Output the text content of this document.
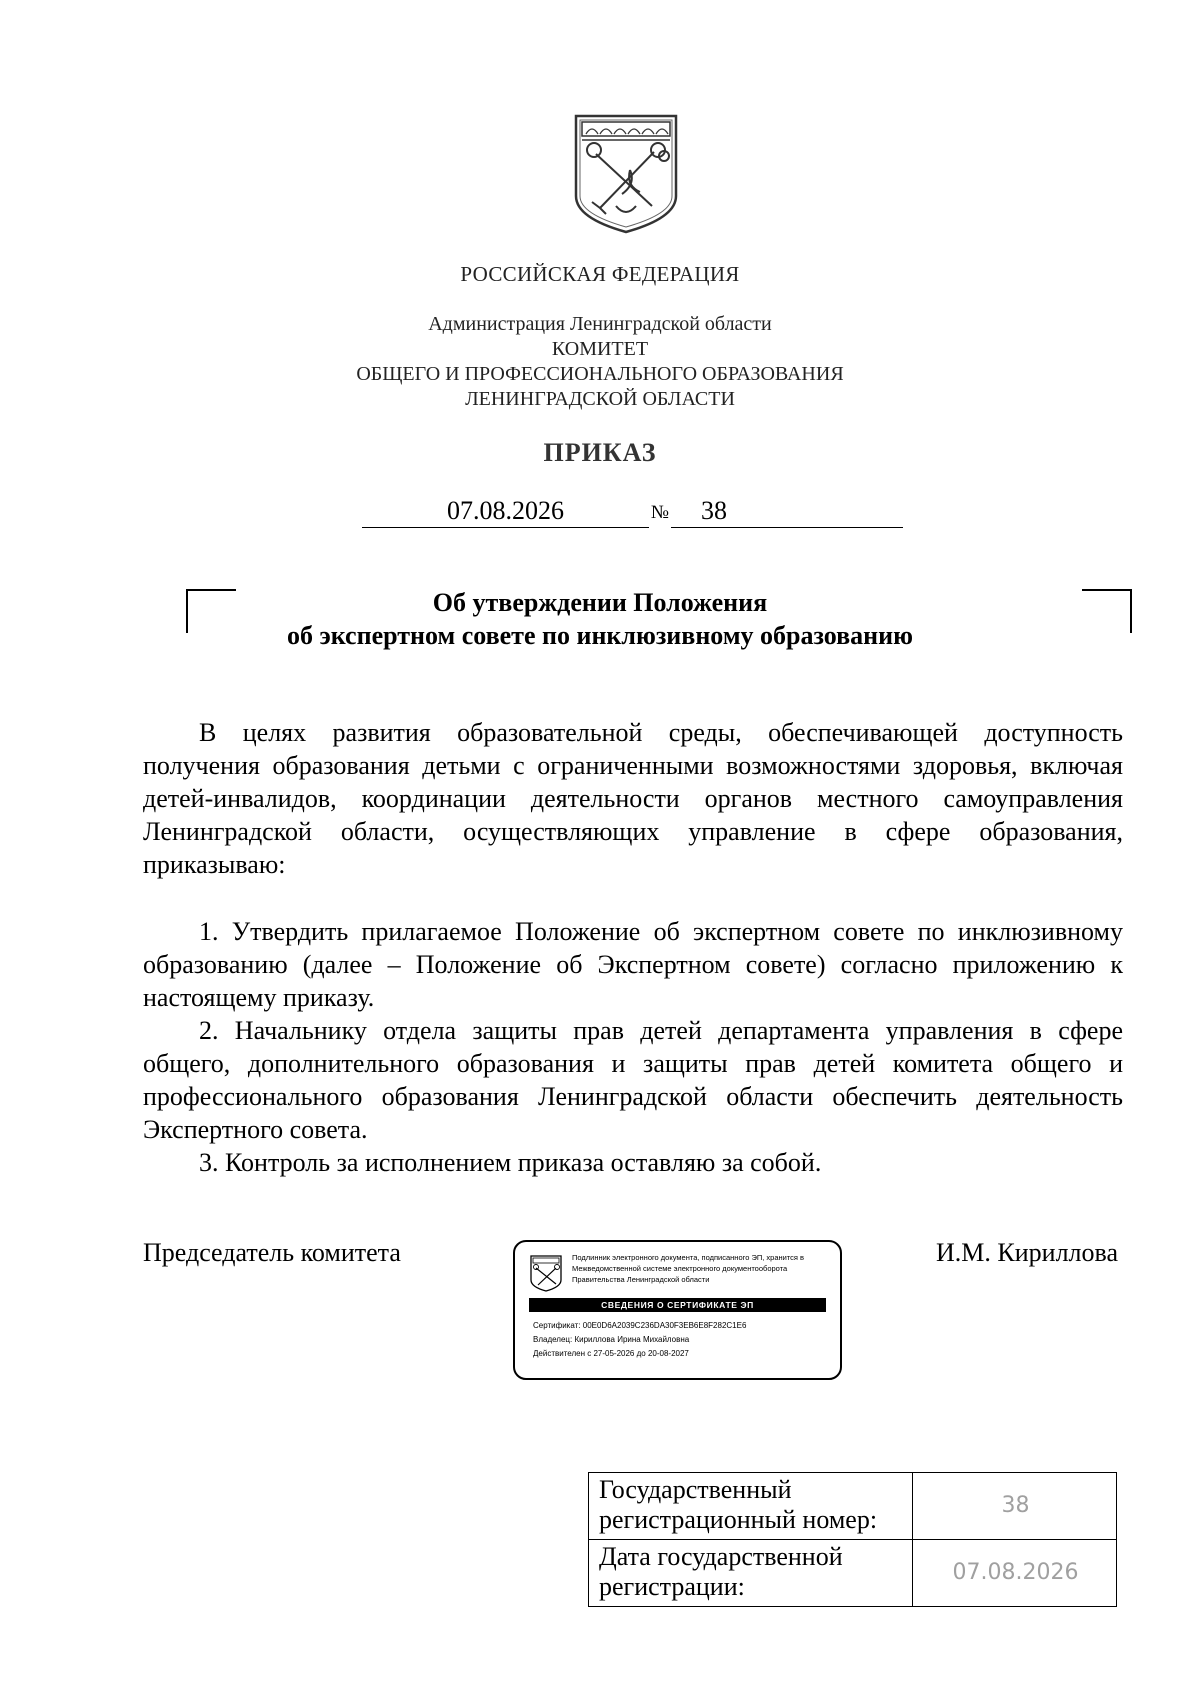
РОССИЙСКАЯ ФЕДЕРАЦИЯ
Администрация Ленинградской области
КОМИТЕТ
ОБЩЕГО И ПРОФЕССИОНАЛЬНОГО ОБРАЗОВАНИЯ
ЛЕНИНГРАДСКОЙ ОБЛАСТИ
ПРИКАЗ
07.08.2026	№	38
Об утверждении Положения
об экспертном совете по инклюзивному образованию

В целях развития образовательной среды, обеспечивающей доступность получения образования детьми с ограниченными возможностями здоровья, включая детей-инвалидов, координации деятельности органов местного самоуправления Ленинградской области, осуществляющих управление в сфере образования, приказываю:

1. Утвердить прилагаемое Положение об экспертном совете по инклюзивному образованию (далее – Положение об Экспертном совете) согласно приложению к настоящему приказу.

2. Начальнику отдела защиты прав детей департамента управления в сфере общего, дополнительного образования и защиты прав детей комитета общего и профессионального образования Ленинградской области обеспечить деятельность Экспертного совета.

3. Контроль за исполнением приказа оставляю за собой.

Председатель комитета	И.М. Кириллова
Подлинник электронного документа, подписанного ЭП, хранится в Межведомственной системе электронного документооборота Правительства Ленинградской области
СВЕДЕНИЯ О СЕРТИФИКАТЕ ЭП
Сертификат: 00E0D6A2039C236DA30F3EB6E8F282C1E6
Владелец: Кириллова Ирина Михайловна
Действителен с 27-05-2026 до 20-08-2027
Государственный регистрационный номер:	38
Дата государственной регистрации:	07.08.2026
